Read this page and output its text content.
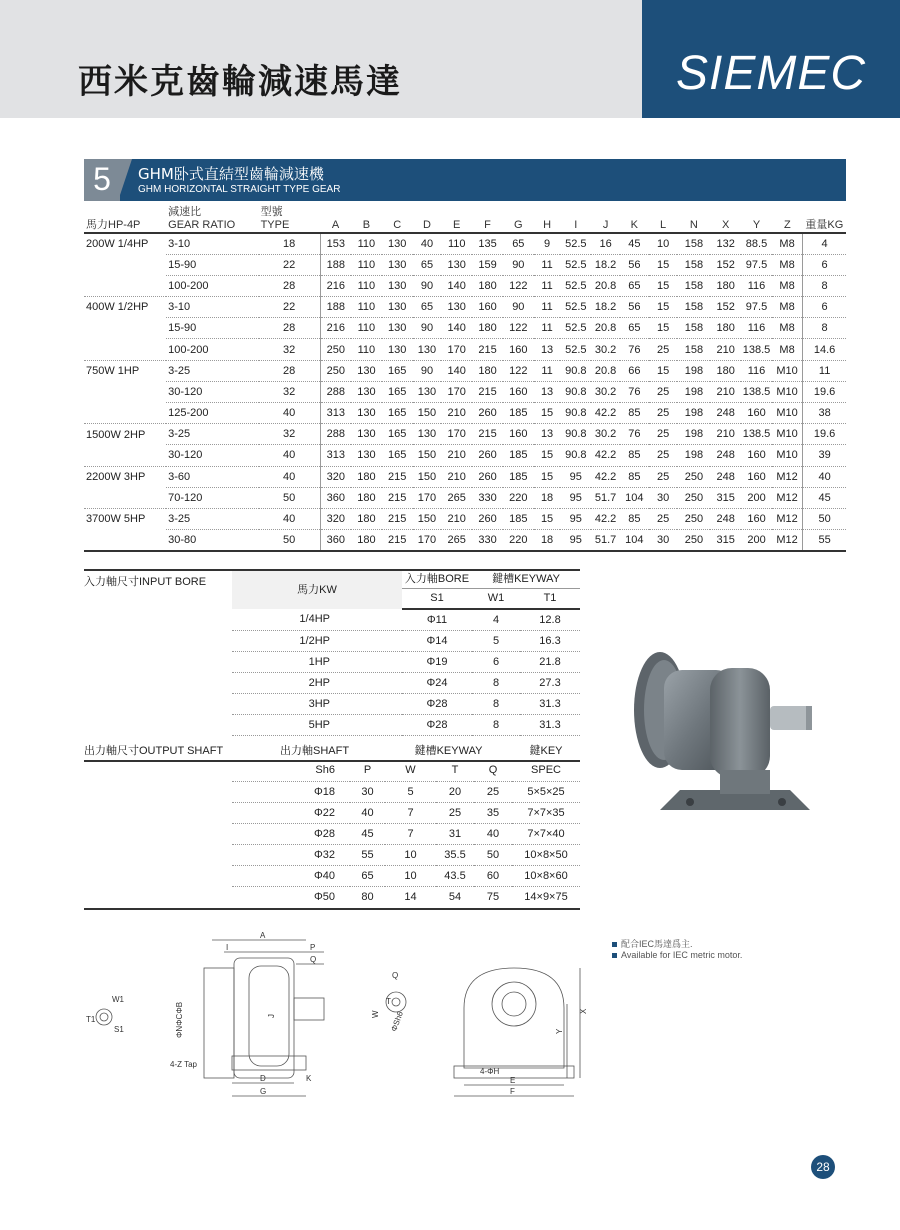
西米克齒輪減速馬達	SIEMEC
5	GHM卧式直結型齒輪減速機
GHM HORIZONTAL STRAIGHT TYPE GEAR
馬力HP-4P	減速比
GEAR RATIO	型號
TYPE	A	B	C	D	E	F	G	H	I	J	K	L	N	X	Y	Z	重量KG
200W 1/4HP	3-10	18	153	110	130	40	110	135	65	9	52.5	16	45	10	158	132	88.5	M8	4
	15-90	22	188	110	130	65	130	159	90	11	52.5	18.2	56	15	158	152	97.5	M8	6
	100-200	28	216	110	130	90	140	180	122	11	52.5	20.8	65	15	158	180	116	M8	8
400W 1/2HP	3-10	22	188	110	130	65	130	160	90	11	52.5	18.2	56	15	158	152	97.5	M8	6
	15-90	28	216	110	130	90	140	180	122	11	52.5	20.8	65	15	158	180	116	M8	8
	100-200	32	250	110	130	130	170	215	160	13	52.5	30.2	76	25	158	210	138.5	M8	14.6
750W 1HP	3-25	28	250	130	165	90	140	180	122	11	90.8	20.8	66	15	198	180	116	M10	11
	30-120	32	288	130	165	130	170	215	160	13	90.8	30.2	76	25	198	210	138.5	M10	19.6
	125-200	40	313	130	165	150	210	260	185	15	90.8	42.2	85	25	198	248	160	M10	38
1500W 2HP	3-25	32	288	130	165	130	170	215	160	13	90.8	30.2	76	25	198	210	138.5	M10	19.6
	30-120	40	313	130	165	150	210	260	185	15	90.8	42.2	85	25	198	248	160	M10	39
2200W 3HP	3-60	40	320	180	215	150	210	260	185	15	95	42.2	85	25	250	248	160	M12	40
	70-120	50	360	180	215	170	265	330	220	18	95	51.7	104	30	250	315	200	M12	45
3700W 5HP	3-25	40	320	180	215	150	210	260	185	15	95	42.2	85	25	250	248	160	M12	50
	30-80	50	360	180	215	170	265	330	220	18	95	51.7	104	30	250	315	200	M12	55
入力軸尺寸INPUT BORE
馬力KW	入力軸BORE	鍵槽KEYWAY	
	S1	W1	T1
1/4HP	Φ11	4	12.8
1/2HP	Φ14	5	16.3
1HP	Φ19	6	21.8
2HP	Φ24	8	27.3
3HP	Φ28	8	31.3
5HP	Φ28	8	31.3
出力軸尺寸OUTPUT SHAFT	出力軸SHAFT		鍵槽KEYWAY			鍵KEY
Sh6	P	W	T	Q	SPEC
Φ18	30	5	20	25	5×5×25
Φ22	40	7	25	35	7×7×35
Φ28	45	7	31	40	7×7×40
Φ32	55	10	35.5	50	10×8×50
Φ40	65	10	43.5	60	10×8×60
Φ50	80	14	54	75	14×9×75
配合IEC馬達爲主.
Available for IEC metric motor.
A
I	P
Q
D	K
G
4-Z Tap
W1
S1
T1	ΦNΦCΦB	J
Q
W
T
ΦSh6
4-ΦH
E
F
Y
X
28
